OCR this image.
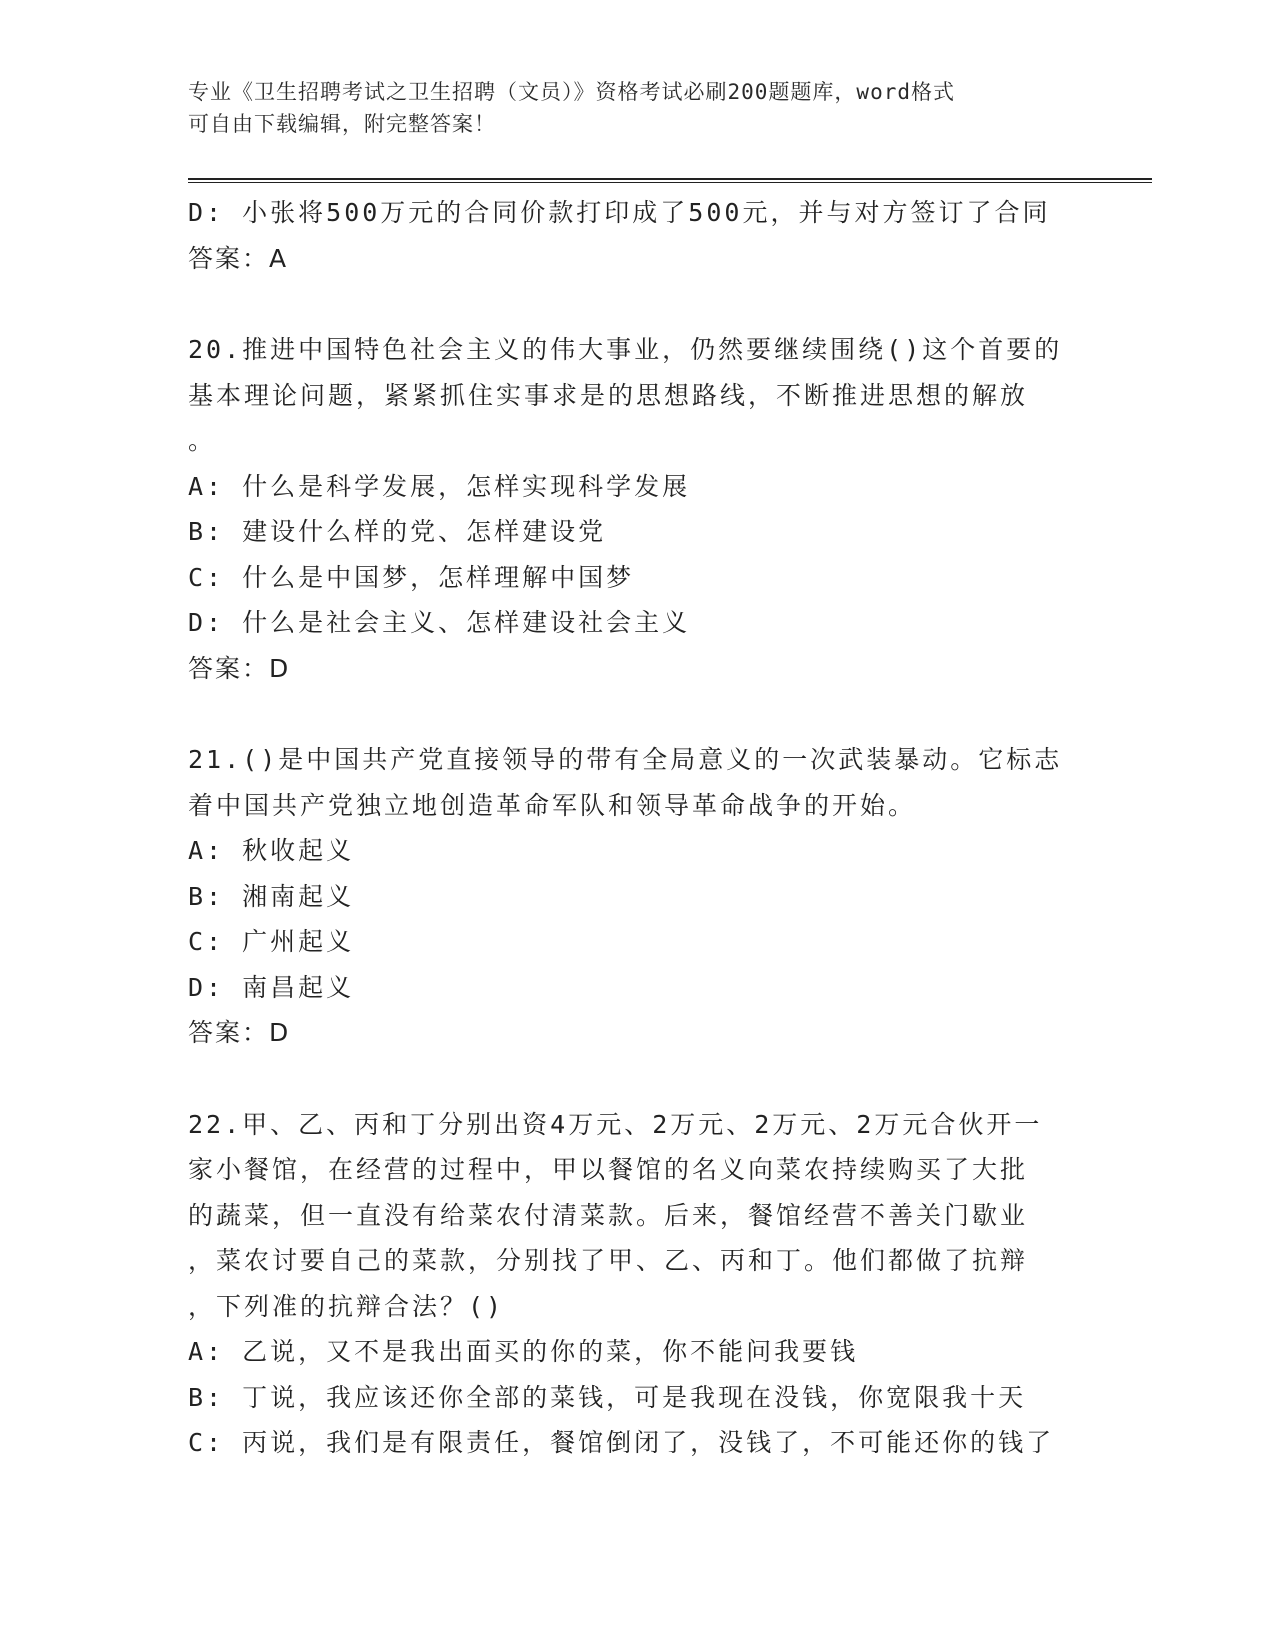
专业《卫生招聘考试之卫生招聘（文员）》资格考试必刷200题题库，word格式
可自由下载编辑，附完整答案！
D: 小张将500万元的合同价款打印成了500元，并与对方签订了合同
答案：A
20.推进中国特色社会主义的伟大事业，仍然要继续围绕()这个首要的
基本理论问题，紧紧抓住实事求是的思想路线，不断推进思想的解放
。
A: 什么是科学发展，怎样实现科学发展
B: 建设什么样的党、怎样建设党
C: 什么是中国梦，怎样理解中国梦
D: 什么是社会主义、怎样建设社会主义
答案：D
21.()是中国共产党直接领导的带有全局意义的一次武装暴动。它标志
着中国共产党独立地创造革命军队和领导革命战争的开始。
A: 秋收起义
B: 湘南起义
C: 广州起义
D: 南昌起义
答案：D
22.甲、乙、丙和丁分别出资4万元、2万元、2万元、2万元合伙开一
家小餐馆，在经营的过程中，甲以餐馆的名义向菜农持续购买了大批
的蔬菜，但一直没有给菜农付清菜款。后来，餐馆经营不善关门歇业
，菜农讨要自己的菜款，分别找了甲、乙、丙和丁。他们都做了抗辩
，下列准的抗辩合法？()
A: 乙说，又不是我出面买的你的菜，你不能问我要钱
B: 丁说，我应该还你全部的菜钱，可是我现在没钱，你宽限我十天
C: 丙说，我们是有限责任，餐馆倒闭了，没钱了，不可能还你的钱了
